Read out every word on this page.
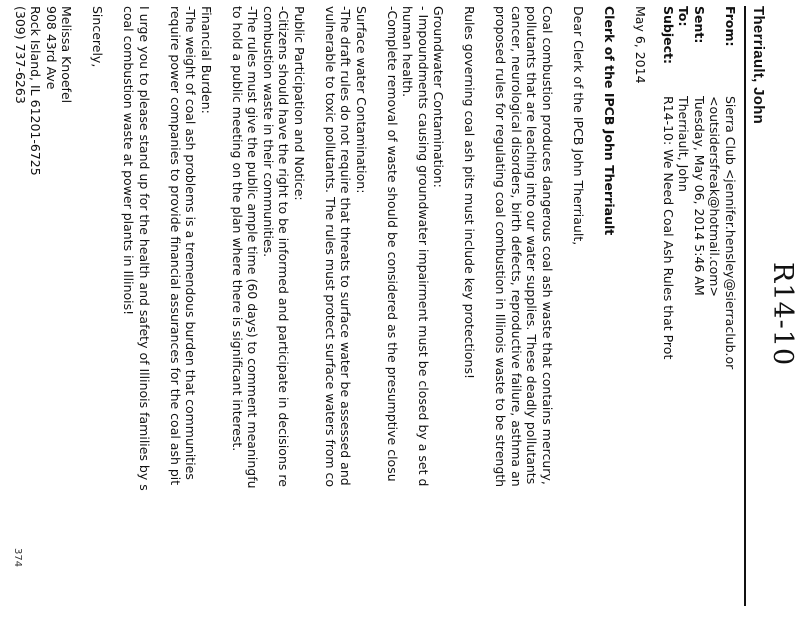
R14-10
Therriault, John
From:
Sierra Club <jennifer.hensley@sierraclub.or
<outsidersfreak@hotmail.com>
Sent:
Tuesday, May 06, 2014 5:46 AM
To:
Therriault, John
Subject:
R14-10: We Need Coal Ash Rules that Prot
May 6, 2014
Clerk of the IPCB John Therriault
Dear Clerk of the IPCB John Therriault,
Coal combustion produces dangerous coal ash waste that contains mercury,
pollutants that are leaching into our water supplies. These deadly pollutants
cancer, neurological disorders, birth defects, reproductive failure, asthma an
proposed rules for regulating coal combustion in Illinois waste to be strength
Rules governing coal ash pits must include key protections!
Groundwater Contamination:
- Impoundments causing groundwater impairment must be closed by a set d
human health.
-Complete removal of waste should be considered as the presumptive closu
Surface water Contamination:
-The draft rules do not require that threats to surface water be assessed and
vulnerable to toxic pollutants. The rules must protect surface waters from co
Public Participation and Notice:
-Citizens should have the right to be informed and participate in decisions re
combustion waste in their communities.
-The rules must give the public ample time (60 days) to comment meaningfu
to hold a public meeting on the plan where there is significant interest.
Financial Burden:
-The weight of coal ash problems is a tremendous burden that communities
require power companies to provide financial assurances for the coal ash pit
I urge you to please stand up for the health and safety of Illinois families by s
coal combustion waste at power plants in Illinois!
Sincerely,
Melissa Knoefel
908 43rd Ave
Rock Island, IL 61201-6725
(309) 737-6263
374
